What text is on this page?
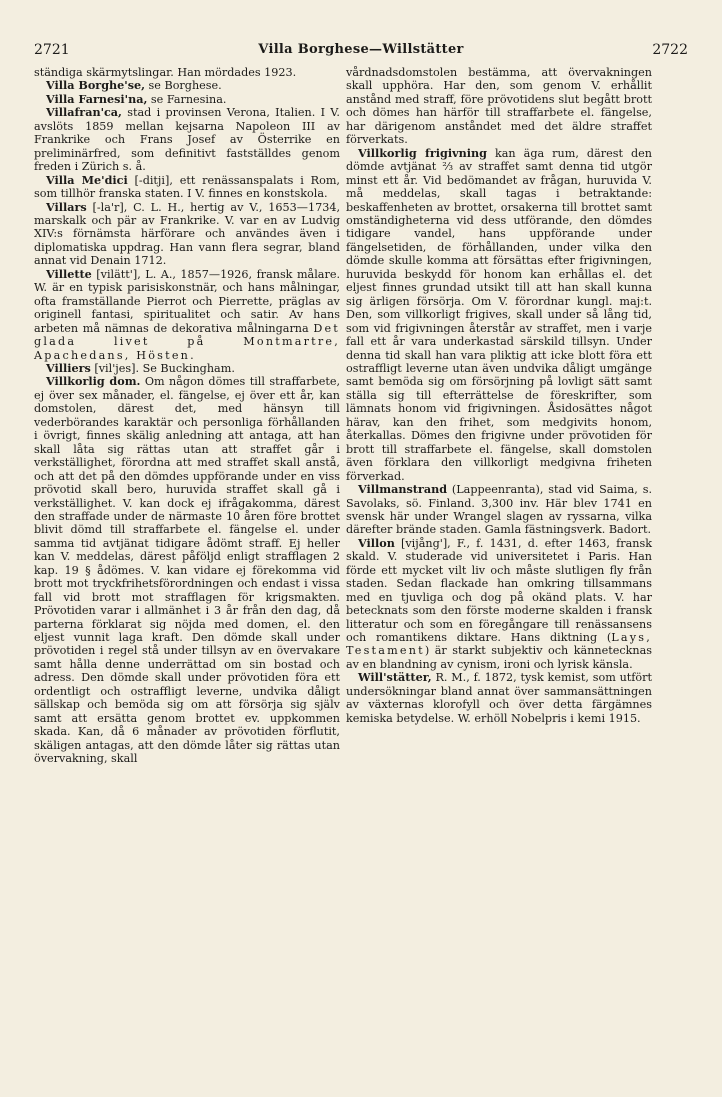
2721	Villa Borghese—Willstätter	2722

ständiga skärmytslingar. Han mördades 1923.

Villa Borghe'se, se Borghese.

Villa Farnesi'na, se Farnesina.

Villafran'ca, stad i provinsen Verona, Italien. I V. avslöts 1859 mellan kejsarna Napoleon III av Frankrike och Frans Josef av Österrike en preliminärfred, som definitivt fastställdes genom freden i Zürich s. å.

Villa Me'dici [-ditji], ett renässanspalats i Rom, som tillhör franska staten. I V. finnes en konstskola.

Villars [-la'r], C. L. H., hertig av V., 1653—1734, marskalk och pär av Frankrike. V. var en av Ludvig XIV:s förnämsta härförare och användes även i diplomatiska uppdrag. Han vann flera segrar, bland annat vid Denain 1712.

Villette [vilätt'], L. A., 1857—1926, fransk målare. W. är en typisk parisiskonstnär, och hans målningar, ofta framställande Pierrot och Pierrette, präglas av originell fantasi, spiritualitet och satir. Av hans arbeten må nämnas de dekorativa målningarna Det glada livet på Montmartre, Apachedans, Hösten.

Villiers [vil'jes]. Se Buckingham.

Villkorlig dom. Om någon dömes till straffarbete, ej över sex månader, el. fängelse, ej över ett år, kan domstolen, därest det, med hänsyn till vederbörandes karaktär och personliga förhållanden i övrigt, finnes skälig anledning att antaga, att han skall låta sig rättas utan att straffet går i verkställighet, förordna att med straffet skall anstå, och att det på den dömdes uppförande under en viss prövotid skall bero, huruvida straffet skall gå i verkställighet. V. kan dock ej ifrågakomma, därest den straffade under de närmaste 10 åren före brottet blivit dömd till straffarbete el. fängelse el. under samma tid avtjänat tidigare ådömt straff. Ej heller kan V. meddelas, därest påföljd enligt strafflagen 2 kap. 19 § ådömes. V. kan vidare ej förekomma vid brott mot tryckfrihetsförordningen och endast i vissa fall vid brott mot strafflagen för krigsmakten. Prövotiden varar i allmänhet i 3 år från den dag, då parterna förklarat sig nöjda med domen, el. den eljest vunnit laga kraft. Den dömde skall under prövotiden i regel stå under tillsyn av en övervakare samt hålla denne underrättad om sin bostad och adress. Den dömde skall under prövotiden föra ett ordentligt och ostraffligt leverne, undvika dåligt sällskap och bemöda sig om att försörja sig själv samt att ersätta genom brottet ev. uppkommen skada. Kan, då 6 månader av prövotiden förflutit, skäligen antagas, att den dömde låter sig rättas utan övervakning, skall

vårdnadsdomstolen bestämma, att övervakningen skall upphöra. Har den, som genom V. erhållit anstånd med straff, före prövotidens slut begått brott och dömes han härför till straffarbete el. fängelse, har därigenom anståndet med det äldre straffet förverkats.

Villkorlig frigivning kan äga rum, därest den dömde avtjänat ⅔ av straffet samt denna tid utgör minst ett år. Vid bedömandet av frågan, huruvida V. må meddelas, skall tagas i betraktande: beskaffenheten av brottet, orsakerna till brottet samt omständigheterna vid dess utförande, den dömdes tidigare vandel, hans uppförande under fängelsetiden, de förhållanden, under vilka den dömde skulle komma att försättas efter frigivningen, huruvida beskydd för honom kan erhållas el. det eljest finnes grundad utsikt till att han skall kunna sig ärligen försörja. Om V. förordnar kungl. maj:t. Den, som villkorligt frigives, skall under så lång tid, som vid frigivningen återstår av straffet, men i varje fall ett år vara underkastad särskild tillsyn. Under denna tid skall han vara pliktig att icke blott föra ett ostraffligt leverne utan även undvika dåligt umgänge samt bemöda sig om försörjning på lovligt sätt samt ställa sig till efterrättelse de föreskrifter, som lämnats honom vid frigivningen. Åsidosättes något härav, kan den frihet, som medgivits honom, återkallas. Dömes den frigivne under prövotiden för brott till straffarbete el. fängelse, skall domstolen även förklara den villkorligt medgivna friheten förverkad.

Villmanstrand (Lappeenranta), stad vid Saima, s. Savolaks, sö. Finland. 3,300 inv. Här blev 1741 en svensk här under Wrangel slagen av ryssarna, vilka därefter brände staden. Gamla fästningsverk. Badort.

Villon [vijång'], F., f. 1431, d. efter 1463, fransk skald. V. studerade vid universitetet i Paris. Han förde ett mycket vilt liv och måste slutligen fly från staden. Sedan flackade han omkring tillsammans med en tjuvliga och dog på okänd plats. V. har betecknats som den förste moderne skalden i fransk litteratur och som en föregångare till renässansens och romantikens diktare. Hans diktning (Lays, Testament) är starkt subjektiv och kännetecknas av en blandning av cynism, ironi och lyrisk känsla.

Will'stätter, R. M., f. 1872, tysk kemist, som utfört undersökningar bland annat över sammansättningen av växternas klorofyll och över detta färgämnes kemiska betydelse. W. erhöll Nobelpris i kemi 1915.
